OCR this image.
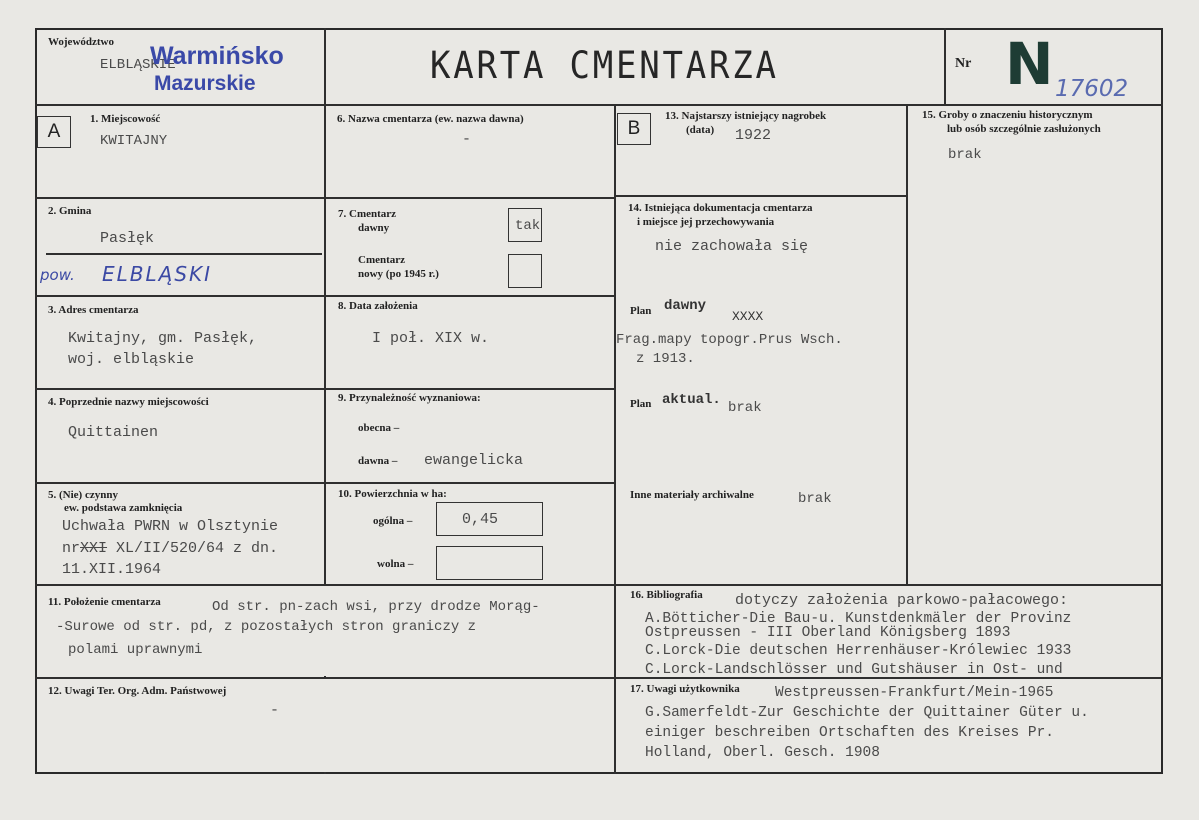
Województwo
ELBLĄSKIE
Warmińsko
Mazurskie	KARTA CMENTARZA	Nr N 17602
A
1. Miejscowość
KWITAJNY
2. Gmina
Pasłęk
pow. ELBLĄSKI
3. Adres cmentarza
Kwitajny, gm. Pasłęk,
woj. elbląskie
4. Poprzednie nazwy miejscowości
Quittainen
5. (Nie) czynny
ew. podstawa zamknięcia
Uchwała PWRN w Olsztynie
nrXXI XL/II/520/64 z dn.
11.XII.1964
6. Nazwa cmentarza (ew. nazwa dawna)
-
7. Cmentarz
dawny	tak
Cmentarz
nowy (po 1945 r.)
8. Data założenia
I poł. XIX w.
9. Przynależność wyznaniowa:
obecna –
dawna – ewangelicka
10. Powierzchnia w ha:
ogólna –	0,45
wolna –
11. Położenie cmentarza	Od str. pn-zach wsi, przy drodze Morąg-
-Surowe od str. pd, z pozostałych stron graniczy z
polami uprawnymi
12. Uwagi Ter. Org. Adm. Państwowej
-
B
13. Najstarszy istniejący nagrobek
(data) 1922
14. Istniejąca dokumentacja cmentarza
i miejsce jej przechowywania
nie zachowała się
Plan dawny
XXXX
Frag.mapy topogr.Prus Wsch.
z 1913.
Plan aktual. brak
Inne materiały archiwalne	brak
15. Groby o znaczeniu historycznym
lub osób szczególnie zasłużonych
brak
16. Bibliografia dotyczy założenia parkowo-pałacowego:
A.Bötticher-Die Bau-u. Kunstdenkmäler der Provinz
Ostpreussen - III Oberland Königsberg 1893
C.Lorck-Die deutschen Herrenhäuser-Królewiec 1933
C.Lorck-Landschlösser und Gutshäuser in Ost- und
17. Uwagi użytkownika Westpreussen-Frankfurt/Mein-1965
G.Samerfeldt-Zur Geschichte der Quittainer Güter u.
einiger beschreiben Ortschaften des Kreises Pr.
Holland, Oberl. Gesch. 1908
